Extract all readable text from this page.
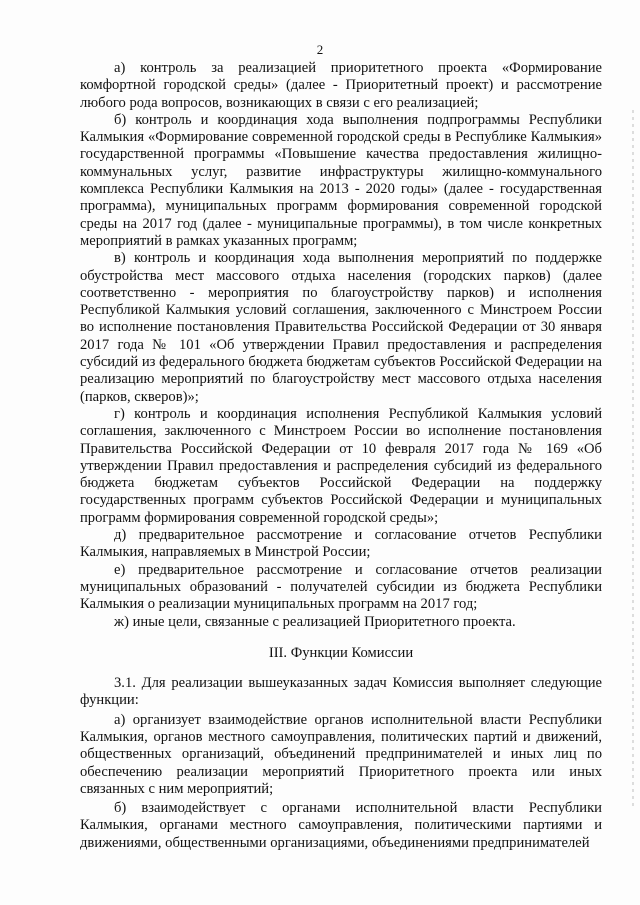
2

а) контроль за реализацией приоритетного проекта «Формирование комфортной городской среды» (далее - Приоритетный проект) и рассмотрение любого рода вопросов, возникающих в связи с его реализацией;

б) контроль и координация хода выполнения подпрограммы Республики Калмыкия «Формирование современной городской среды в Республике Калмыкия» государственной программы «Повышение качества предоставления жилищно-коммунальных услуг, развитие инфраструктуры жилищно-коммунального комплекса Республики Калмыкия на 2013 - 2020 годы» (далее - государственная программа), муниципальных программ формирования современной городской среды на 2017 год (далее - муниципальные программы), в том числе конкретных мероприятий в рамках указанных программ;

в) контроль и координация хода выполнения мероприятий по поддержке обустройства мест массового отдыха населения (городских парков) (далее соответственно - мероприятия по благоустройству парков) и исполнения Республикой Калмыкия условий соглашения, заключенного с Минстроем России во исполнение постановления Правительства Российской Федерации от 30 января 2017 года № 101 «Об утверждении Правил предоставления и распределения субсидий из федерального бюджета бюджетам субъектов Российской Федерации на реализацию мероприятий по благоустройству мест массового отдыха населения (парков, скверов)»;

г) контроль и координация исполнения Республикой Калмыкия условий соглашения, заключенного с Минстроем России во исполнение постановления Правительства Российской Федерации от 10 февраля 2017 года № 169 «Об утверждении Правил предоставления и распределения субсидий из федерального бюджета бюджетам субъектов Российской Федерации на поддержку государственных программ субъектов Российской Федерации и муниципальных программ формирования современной городской среды»;

д) предварительное рассмотрение и согласование отчетов Республики Калмыкия, направляемых в Минстрой России;

е) предварительное рассмотрение и согласование отчетов реализации муниципальных образований - получателей субсидии из бюджета Республики Калмыкия о реализации муниципальных программ на 2017 год;

ж) иные цели, связанные с реализацией Приоритетного проекта.

III. Функции Комиссии

3.1. Для реализации вышеуказанных задач Комиссия выполняет следующие функции:

а) организует взаимодействие органов исполнительной власти Республики Калмыкия, органов местного самоуправления, политических партий и движений, общественных организаций, объединений предпринимателей и иных лиц по обеспечению реализации мероприятий Приоритетного проекта или иных связанных с ним мероприятий;

б) взаимодействует с органами исполнительной власти Республики Калмыкия, органами местного самоуправления, политическими партиями и движениями, общественными организациями, объединениями предпринимателей
